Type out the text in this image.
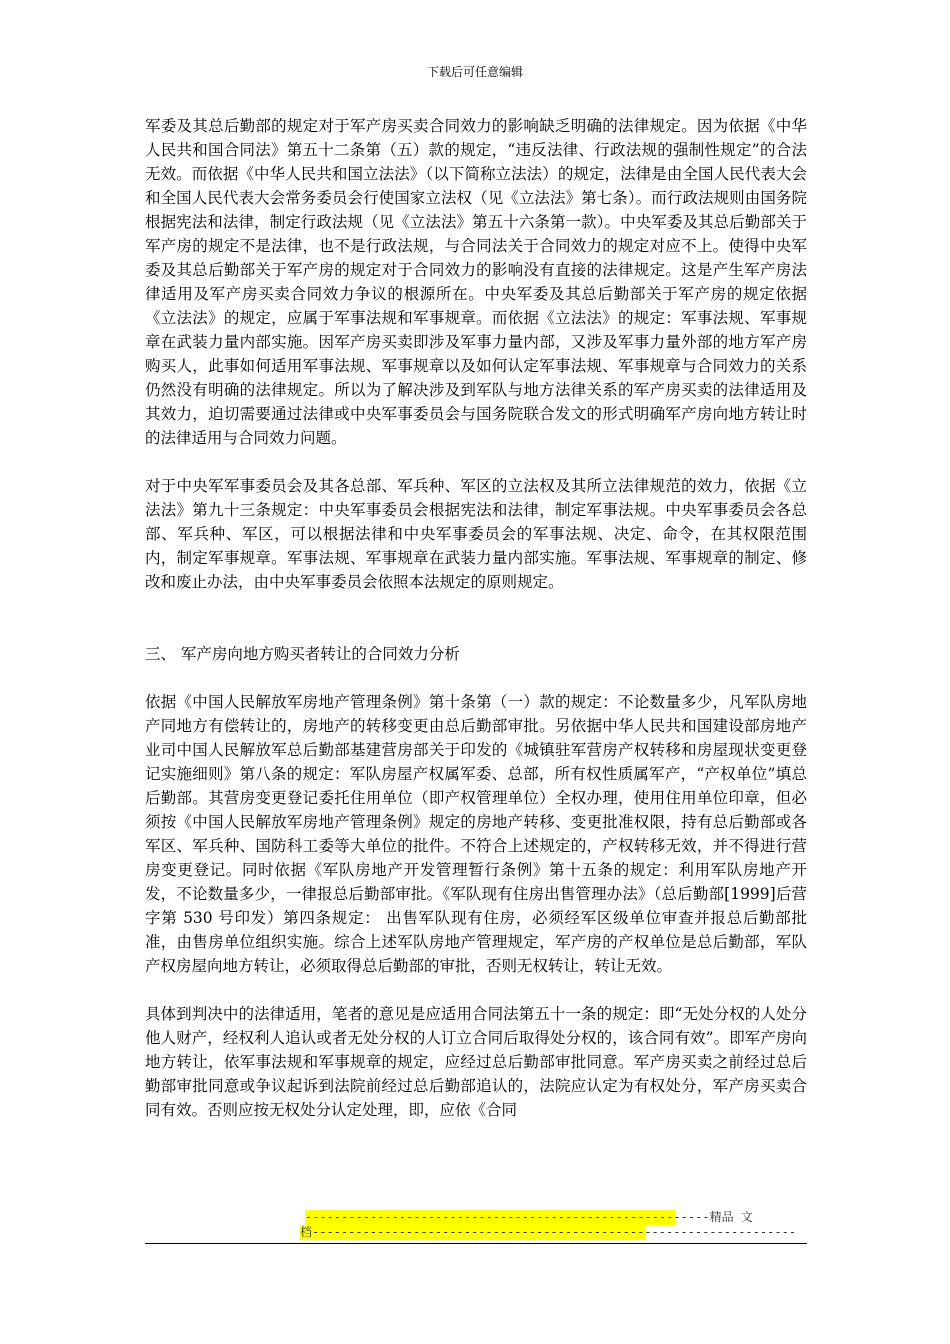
下载后可任意编辑

军委及其总后勤部的规定对于军产房买卖合同效力的影响缺乏明确的法律规定。因为依据《中华人民共和国合同法》第五十二条第（五）款的规定，“违反法律、行政法规的强制性规定”的合法无效。而依据《中华人民共和国立法法》（以下简称立法法）的规定，法律是由全国人民代表大会和全国人民代表大会常务委员会行使国家立法权（见《立法法》第七条）。而行政法规则由国务院根据宪法和法律，制定行政法规（见《立法法》第五十六条第一款）。中央军委及其总后勤部关于军产房的规定不是法律，也不是行政法规，与合同法关于合同效力的规定对应不上。使得中央军委及其总后勤部关于军产房的规定对于合同效力的影响没有直接的法律规定。这是产生军产房法律适用及军产房买卖合同效力争议的根源所在。中央军委及其总后勤部关于军产房的规定依据《立法法》的规定，应属于军事法规和军事规章。而依据《立法法》的规定：军事法规、军事规章在武装力量内部实施。因军产房买卖即涉及军事力量内部，又涉及军事力量外部的地方军产房购买人，此事如何适用军事法规、军事规章以及如何认定军事法规、军事规章与合同效力的关系仍然没有明确的法律规定。所以为了解决涉及到军队与地方法律关系的军产房买卖的法律适用及其效力，迫切需要通过法律或中央军事委员会与国务院联合发文的形式明确军产房向地方转让时的法律适用与合同效力问题。

对于中央军军事委员会及其各总部、军兵种、军区的立法权及其所立法律规范的效力，依据《立法法》第九十三条规定：中央军事委员会根据宪法和法律，制定军事法规。中央军事委员会各总部、军兵种、军区，可以根据法律和中央军事委员会的军事法规、决定、命令，在其权限范围内，制定军事规章。军事法规、军事规章在武装力量内部实施。军事法规、军事规章的制定、修改和废止办法，由中央军事委员会依照本法规定的原则规定。

三、 军产房向地方购买者转让的合同效力分析

依据《中国人民解放军房地产管理条例》第十条第（一）款的规定：不论数量多少，凡军队房地产同地方有偿转让的，房地产的转移变更由总后勤部审批。另依据中华人民共和国建设部房地产业司中国人民解放军总后勤部基建营房部关于印发的《城镇驻军营房产权转移和房屋现状变更登记实施细则》第八条的规定：军队房屋产权属军委、总部，所有权性质属军产，“产权单位”填总后勤部。其营房变更登记委托住用单位（即产权管理单位）全权办理，使用住用单位印章，但必须按《中国人民解放军房地产管理条例》规定的房地产转移、变更批准权限，持有总后勤部或各军区、军兵种、国防科工委等大单位的批件。不符合上述规定的，产权转移无效，并不得进行营房变更登记。同时依据《军队房地产开发管理暂行条例》第十五条的规定：利用军队房地产开发，不论数量多少，一律报总后勤部审批。《军队现有住房出售管理办法》（总后勤部[1999]后营字第 530 号印发）第四条规定： 出售军队现有住房，必须经军区级单位审查并报总后勤部批准，由售房单位组织实施。综合上述军队房地产管理规定，军产房的产权单位是总后勤部，军队产权房屋向地方转让，必须取得总后勤部的审批，否则无权转让，转让无效。

具体到判决中的法律适用，笔者的意见是应适用合同法第五十一条的规定：即“无处分权的人处分他人财产，经权利人追认或者无处分权的人订立合同后取得处分权的，该合同有效”。即军产房向地方转让，依军事法规和军事规章的规定，应经过总后勤部审批同意。军产房买卖之前经过总后勤部审批同意或争议起诉到法院前经过总后勤部追认的，法院应认定为有权处分，军产房买卖合同有效。否则应按无权处分认定处理，即，应依《合同

--------------------------------------------------------精品 文
档-------------------------------------------------------------------
